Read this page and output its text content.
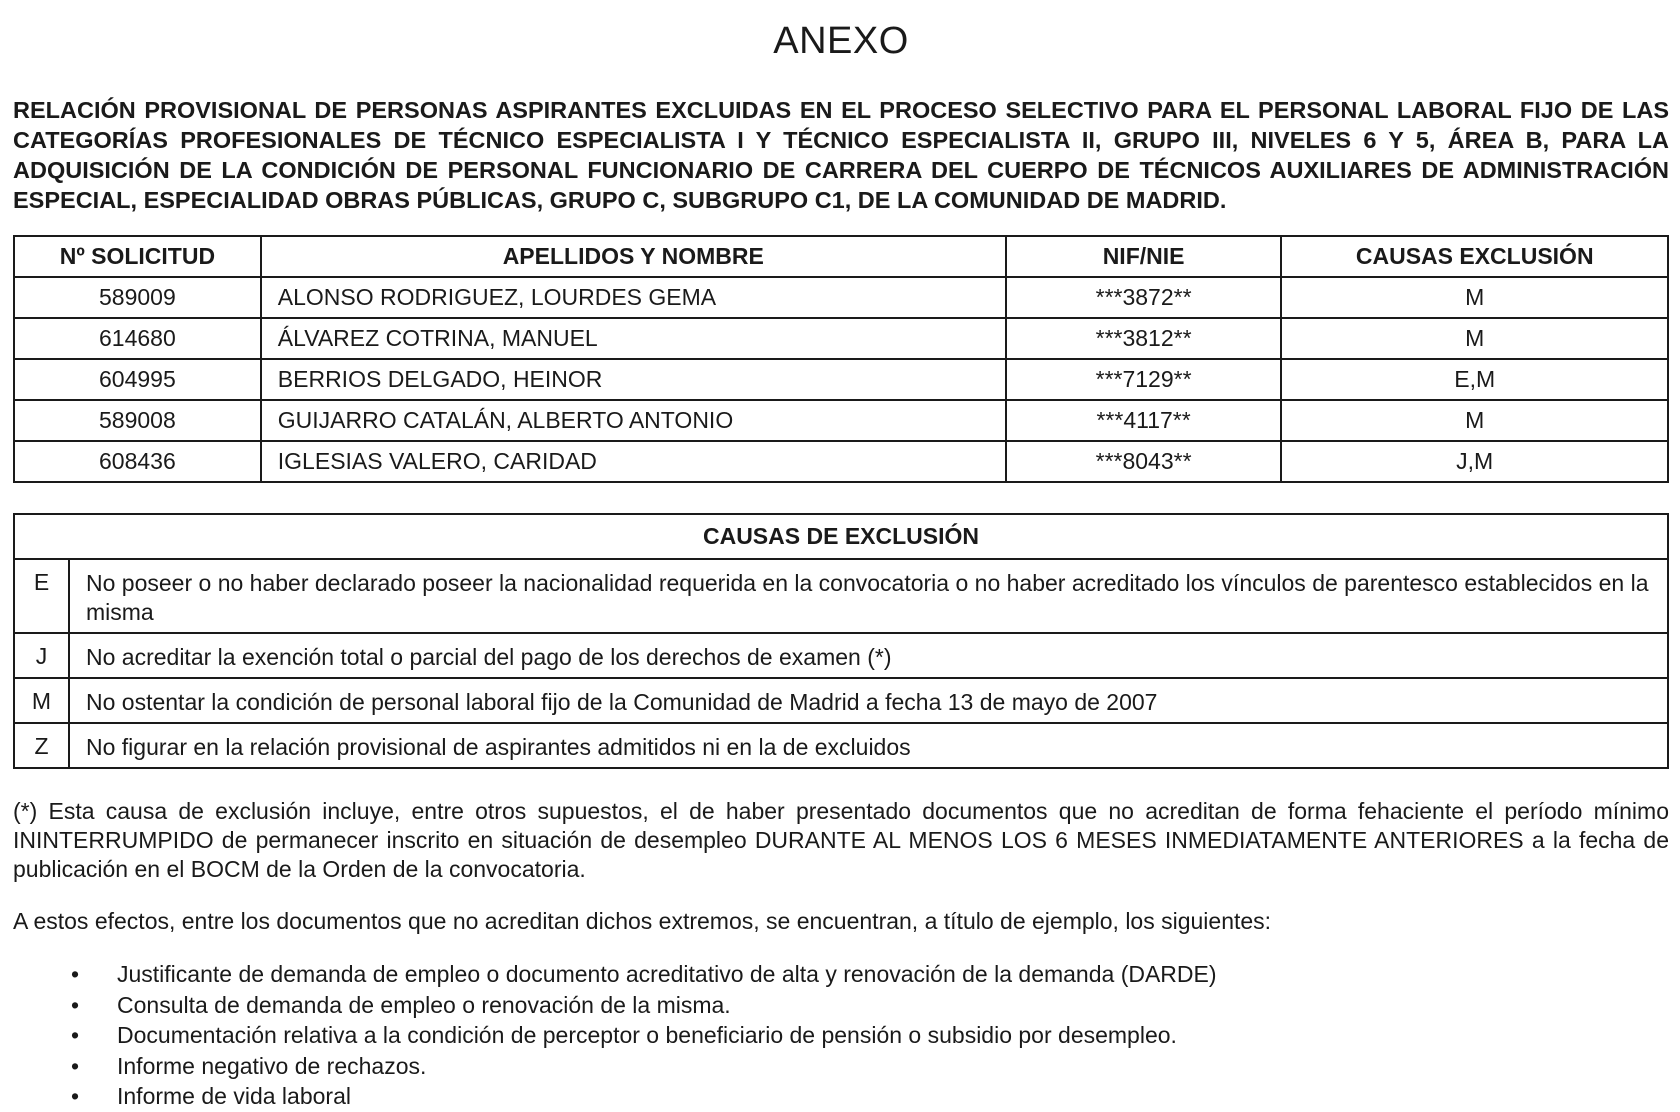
ANEXO
RELACIÓN PROVISIONAL DE PERSONAS ASPIRANTES EXCLUIDAS EN EL PROCESO SELECTIVO PARA EL PERSONAL LABORAL FIJO DE LAS CATEGORÍAS PROFESIONALES DE TÉCNICO ESPECIALISTA I Y TÉCNICO ESPECIALISTA II, GRUPO III, NIVELES 6 Y 5, ÁREA B, PARA LA ADQUISICIÓN DE LA CONDICIÓN DE PERSONAL FUNCIONARIO DE CARRERA DEL CUERPO DE TÉCNICOS AUXILIARES DE ADMINISTRACIÓN ESPECIAL, ESPECIALIDAD OBRAS PÚBLICAS, GRUPO C, SUBGRUPO C1, DE LA COMUNIDAD DE MADRID.
Nº SOLICITUD	APELLIDOS Y NOMBRE	NIF/NIE	CAUSAS EXCLUSIÓN
589009	ALONSO RODRIGUEZ, LOURDES GEMA	***3872**	M
614680	ÁLVAREZ COTRINA, MANUEL	***3812**	M
604995	BERRIOS DELGADO, HEINOR	***7129**	E,M
589008	GUIJARRO CATALÁN, ALBERTO ANTONIO	***4117**	M
608436	IGLESIAS VALERO, CARIDAD	***8043**	J,M
CAUSAS DE EXCLUSIÓN	
E	No poseer o no haber declarado poseer la nacionalidad requerida en la convocatoria o no haber acreditado los vínculos de parentesco establecidos en la misma
J	No acreditar la exención total o parcial del pago de los derechos de examen (*)
M	No ostentar la condición de personal laboral fijo de la Comunidad de Madrid a fecha 13 de mayo de 2007
Z	No figurar en la relación provisional de aspirantes admitidos ni en la de excluidos

(*) Esta causa de exclusión incluye, entre otros supuestos, el de haber presentado documentos que no acreditan de forma fehaciente el período mínimo ININTERRUMPIDO de permanecer inscrito en situación de desempleo DURANTE AL MENOS LOS 6 MESES INMEDIATAMENTE ANTERIORES a la fecha de publicación en el BOCM de la Orden de la convocatoria.

A estos efectos, entre los documentos que no acreditan dichos extremos, se encuentran, a título de ejemplo, los siguientes:

• Justificante de demanda de empleo o documento acreditativo de alta y renovación de la demanda (DARDE)
• Consulta de demanda de empleo o renovación de la misma.
• Documentación relativa a la condición de perceptor o beneficiario de pensión o subsidio por desempleo.
• Informe negativo de rechazos.
• Informe de vida laboral
